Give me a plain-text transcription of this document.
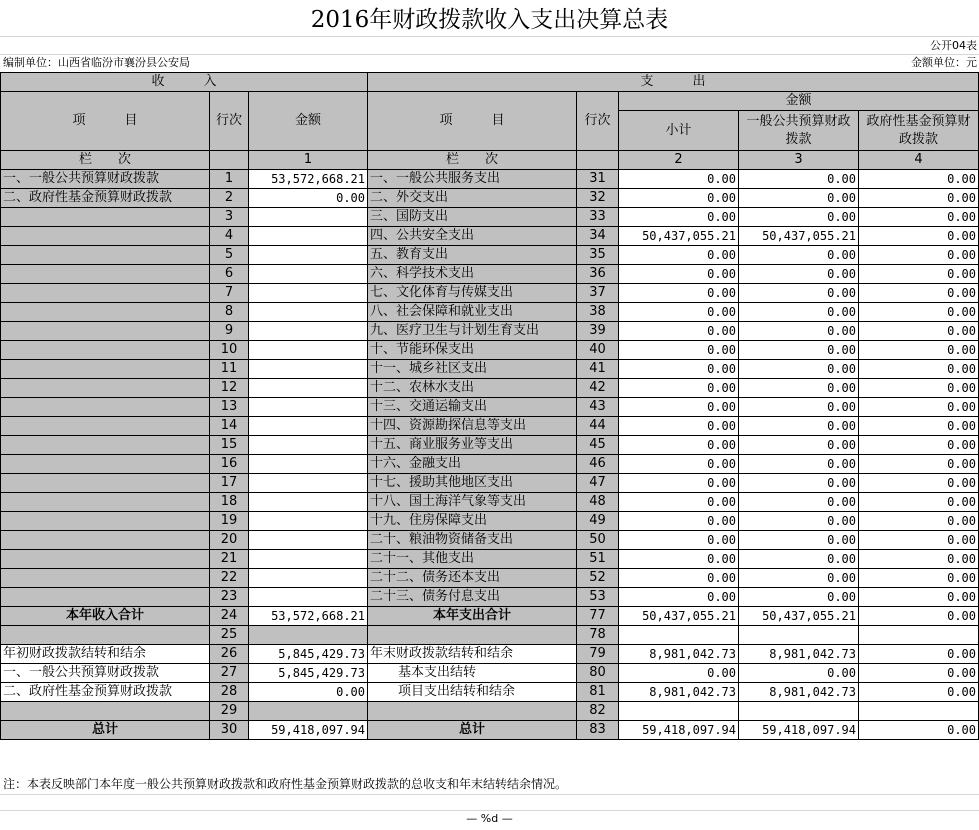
2016年财政拨款收入支出决算总表
公开04表
编制单位：山西省临汾市襄汾县公安局	金额单位：元
收　　　入			支　　　出				
项　　　目	行次	金额	项　　　目	行次	金额		
					小计	一般公共预算财政拨款	政府性基金预算财政拨款
栏　　次		1	栏　　次		2	3	4
一、一般公共预算财政拨款	1	53,572,668.21	一、一般公共服务支出	31	0.00	0.00	0.00
二、政府性基金预算财政拨款	2	0.00	二、外交支出	32	0.00	0.00	0.00
	3		三、国防支出	33	0.00	0.00	0.00
	4		四、公共安全支出	34	50,437,055.21	50,437,055.21	0.00
	5		五、教育支出	35	0.00	0.00	0.00
	6		六、科学技术支出	36	0.00	0.00	0.00
	7		七、文化体育与传媒支出	37	0.00	0.00	0.00
	8		八、社会保障和就业支出	38	0.00	0.00	0.00
	9		九、医疗卫生与计划生育支出	39	0.00	0.00	0.00
	10		十、节能环保支出	40	0.00	0.00	0.00
	11		十一、城乡社区支出	41	0.00	0.00	0.00
	12		十二、农林水支出	42	0.00	0.00	0.00
	13		十三、交通运输支出	43	0.00	0.00	0.00
	14		十四、资源勘探信息等支出	44	0.00	0.00	0.00
	15		十五、商业服务业等支出	45	0.00	0.00	0.00
	16		十六、金融支出	46	0.00	0.00	0.00
	17		十七、援助其他地区支出	47	0.00	0.00	0.00
	18		十八、国土海洋气象等支出	48	0.00	0.00	0.00
	19		十九、住房保障支出	49	0.00	0.00	0.00
	20		二十、粮油物资储备支出	50	0.00	0.00	0.00
	21		二十一、其他支出	51	0.00	0.00	0.00
	22		二十二、债务还本支出	52	0.00	0.00	0.00
	23		二十三、债务付息支出	53	0.00	0.00	0.00
本年收入合计	24	53,572,668.21	本年支出合计	77	50,437,055.21	50,437,055.21	0.00
	25			78			
年初财政拨款结转和结余	26	5,845,429.73	年末财政拨款结转和结余	79	8,981,042.73	8,981,042.73	0.00
一、一般公共预算财政拨款	27	5,845,429.73	基本支出结转	80	0.00	0.00	0.00
二、政府性基金预算财政拨款	28	0.00	项目支出结转和结余	81	8,981,042.73	8,981,042.73	0.00
	29			82			
总计	30	59,418,097.94	总计	83	59,418,097.94	59,418,097.94	0.00
注：本表反映部门本年度一般公共预算财政拨款和政府性基金预算财政拨款的总收支和年末结转结余情况。
— %d —
